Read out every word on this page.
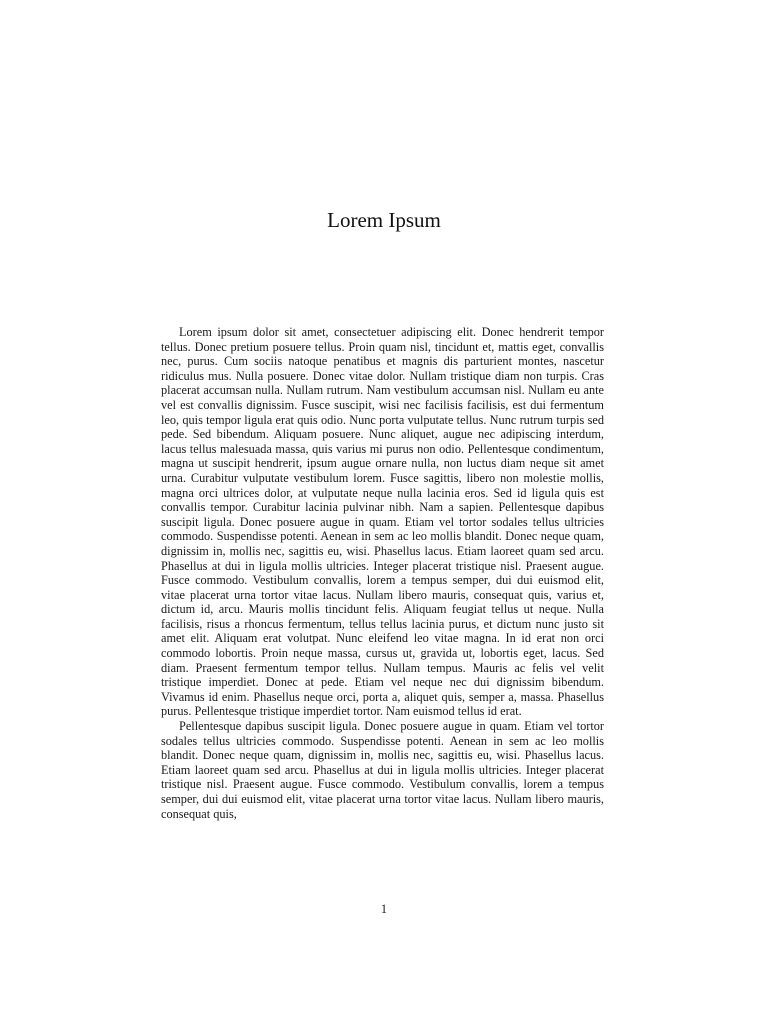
Lorem Ipsum

Lorem ipsum dolor sit amet, consectetuer adipiscing elit. Donec hendrerit tempor tellus. Donec pretium posuere tellus. Proin quam nisl, tincidunt et, mattis eget, convallis nec, purus. Cum sociis natoque penatibus et magnis dis parturient montes, nascetur ridiculus mus. Nulla posuere. Donec vitae dolor. Nullam tristique diam non turpis. Cras placerat accumsan nulla. Nullam rutrum. Nam vestibulum accumsan nisl. Nullam eu ante vel est convallis dignissim. Fusce suscipit, wisi nec facilisis facilisis, est dui fermentum leo, quis tempor ligula erat quis odio. Nunc porta vulputate tellus. Nunc rutrum turpis sed pede. Sed bibendum. Aliquam posuere. Nunc aliquet, augue nec adipiscing interdum, lacus tellus malesuada massa, quis varius mi purus non odio. Pellentesque condimentum, magna ut suscipit hendrerit, ipsum augue ornare nulla, non luctus diam neque sit amet urna. Curabitur vulputate vestibulum lorem. Fusce sagittis, libero non molestie mollis, magna orci ultrices dolor, at vulputate neque nulla lacinia eros. Sed id ligula quis est convallis tempor. Curabitur lacinia pulvinar nibh. Nam a sapien. Pellentesque dapibus suscipit ligula. Donec posuere augue in quam. Etiam vel tortor sodales tellus ultricies commodo. Suspendisse potenti. Aenean in sem ac leo mollis blandit. Donec neque quam, dignissim in, mollis nec, sagittis eu, wisi. Phasellus lacus. Etiam laoreet quam sed arcu. Phasellus at dui in ligula mollis ultricies. Integer placerat tristique nisl. Praesent augue. Fusce commodo. Vestibulum convallis, lorem a tempus semper, dui dui euismod elit, vitae placerat urna tortor vitae lacus. Nullam libero mauris, consequat quis, varius et, dictum id, arcu. Mauris mollis tincidunt felis. Aliquam feugiat tellus ut neque. Nulla facilisis, risus a rhoncus fermentum, tellus tellus lacinia purus, et dictum nunc justo sit amet elit. Aliquam erat volutpat. Nunc eleifend leo vitae magna. In id erat non orci commodo lobortis. Proin neque massa, cursus ut, gravida ut, lobortis eget, lacus. Sed diam. Praesent fermentum tempor tellus. Nullam tempus. Mauris ac felis vel velit tristique imperdiet. Donec at pede. Etiam vel neque nec dui dignissim bibendum. Vivamus id enim. Phasellus neque orci, porta a, aliquet quis, semper a, massa. Phasellus purus. Pellentesque tristique imperdiet tortor. Nam euismod tellus id erat.

Pellentesque dapibus suscipit ligula. Donec posuere augue in quam. Etiam vel tortor sodales tellus ultricies commodo. Suspendisse potenti. Aenean in sem ac leo mollis blandit. Donec neque quam, dignissim in, mollis nec, sagittis eu, wisi. Phasellus lacus. Etiam laoreet quam sed arcu. Phasellus at dui in ligula mollis ultricies. Integer placerat tristique nisl. Praesent augue. Fusce commodo. Vestibulum convallis, lorem a tempus semper, dui dui euismod elit, vitae placerat urna tortor vitae lacus. Nullam libero mauris, consequat quis,

1
